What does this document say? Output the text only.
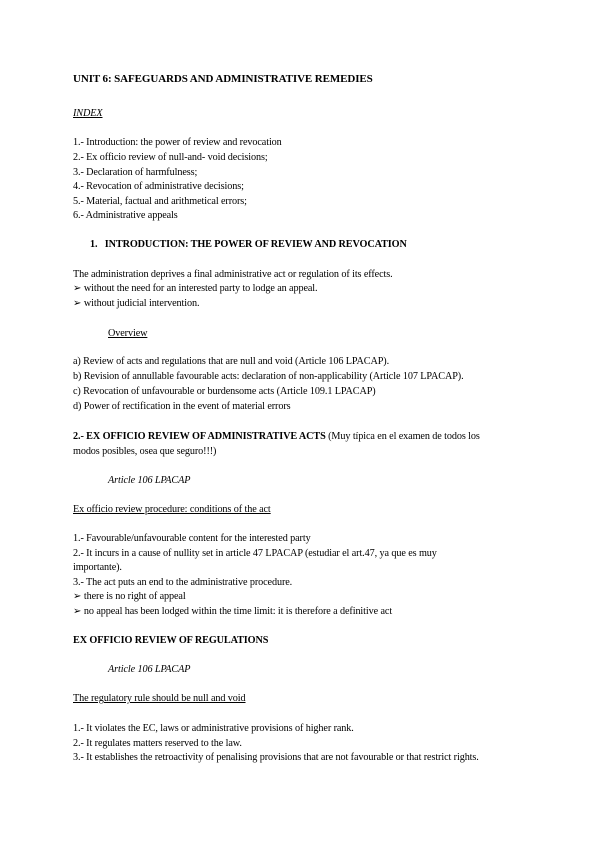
UNIT 6: SAFEGUARDS AND ADMINISTRATIVE REMEDIES
INDEX
1.- Introduction: the power of review and revocation
2.- Ex officio review of null-and- void decisions;
3.- Declaration of harmfulness;
4.- Revocation of administrative decisions;
5.- Material, factual and arithmetical errors;
6.- Administrative appeals
1.   INTRODUCTION: THE POWER OF REVIEW AND REVOCATION
The administration deprives a final administrative act or regulation of its effects.
➢ without the need for an interested party to lodge an appeal.
➢ without judicial intervention.
Overview
a) Review of acts and regulations that are null and void (Article 106 LPACAP).
b) Revision of annullable favourable acts: declaration of non-applicability (Article 107 LPACAP).
c) Revocation of unfavourable or burdensome acts (Article 109.1 LPACAP)
d) Power of rectification in the event of material errors
2.- EX OFFICIO REVIEW OF ADMINISTRATIVE ACTS (Muy típica en el examen de todos los
modos posibles, osea que seguro!!!)
Article 106 LPACAP
Ex officio review procedure: conditions of the act
1.- Favourable/unfavourable content for the interested party
2.- It incurs in a cause of nullity set in article 47 LPACAP (estudiar el art.47, ya que es muy
importante).
3.- The act puts an end to the administrative procedure.
➢ there is no right of appeal
➢ no appeal has been lodged within the time limit: it is therefore a definitive act
EX OFFICIO REVIEW OF REGULATIONS
Article 106 LPACAP
The regulatory rule should be null and void
1.- It violates the EC, laws or administrative provisions of higher rank.
2.- It regulates matters reserved to the law.
3.- It establishes the retroactivity of penalising provisions that are not favourable or that restrict rights.
